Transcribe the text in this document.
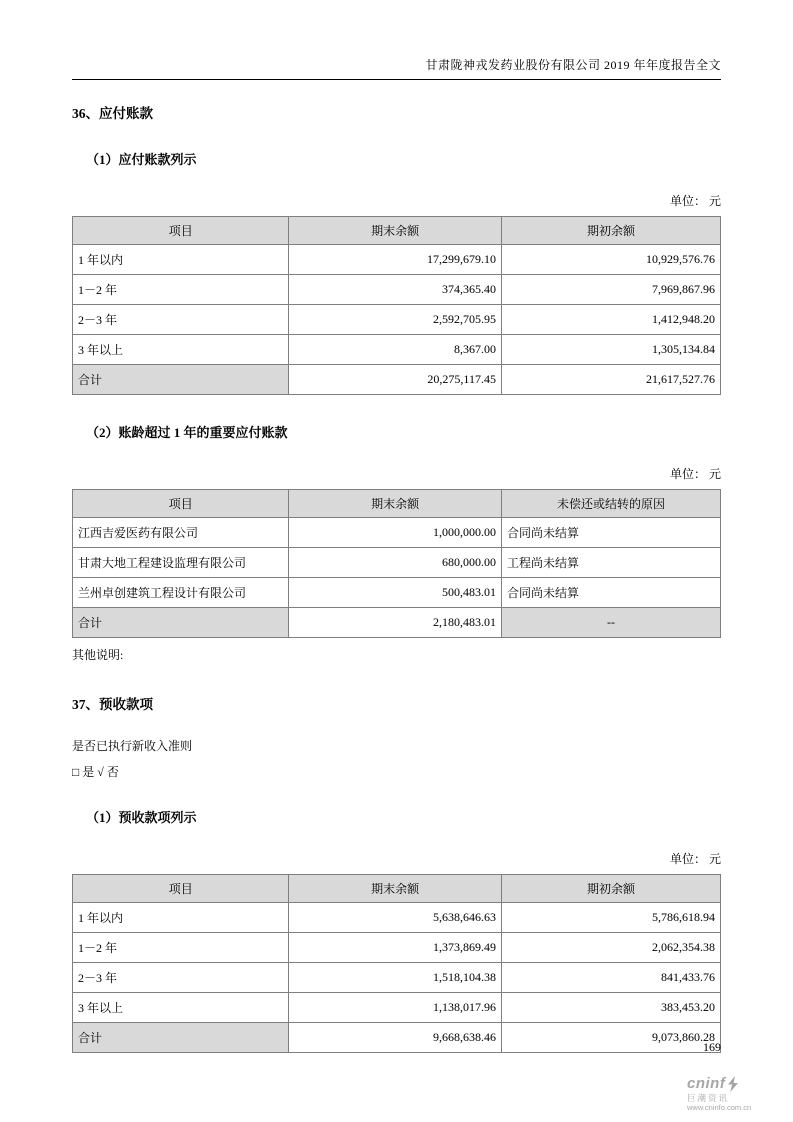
甘肃陇神戎发药业股份有限公司 2019 年年度报告全文
36、应付账款
（1）应付账款列示
单位： 元
项目	期末余额	期初余额
1 年以内	17,299,679.10	10,929,576.76
1－2 年	374,365.40	7,969,867.96
2－3 年	2,592,705.95	1,412,948.20
3 年以上	8,367.00	1,305,134.84
合计	20,275,117.45	21,617,527.76
（2）账龄超过 1 年的重要应付账款
单位： 元
项目	期末余额	未偿还或结转的原因
江西吉爱医药有限公司	1,000,000.00	合同尚未结算
甘肃大地工程建设监理有限公司	680,000.00	工程尚未结算
兰州卓创建筑工程设计有限公司	500,483.01	合同尚未结算
合计	2,180,483.01	--
其他说明:
37、预收款项
是否已执行新收入准则
□ 是 √ 否
（1）预收款项列示
单位： 元
项目	期末余额	期初余额
1 年以内	5,638,646.63	5,786,618.94
1－2 年	1,373,869.49	2,062,354.38
2－3 年	1,518,104.38	841,433.76
3 年以上	1,138,017.96	383,453.20
合计	9,668,638.46	9,073,860.28
169
cninf
巨潮资讯
www.cninfo.com.cn
